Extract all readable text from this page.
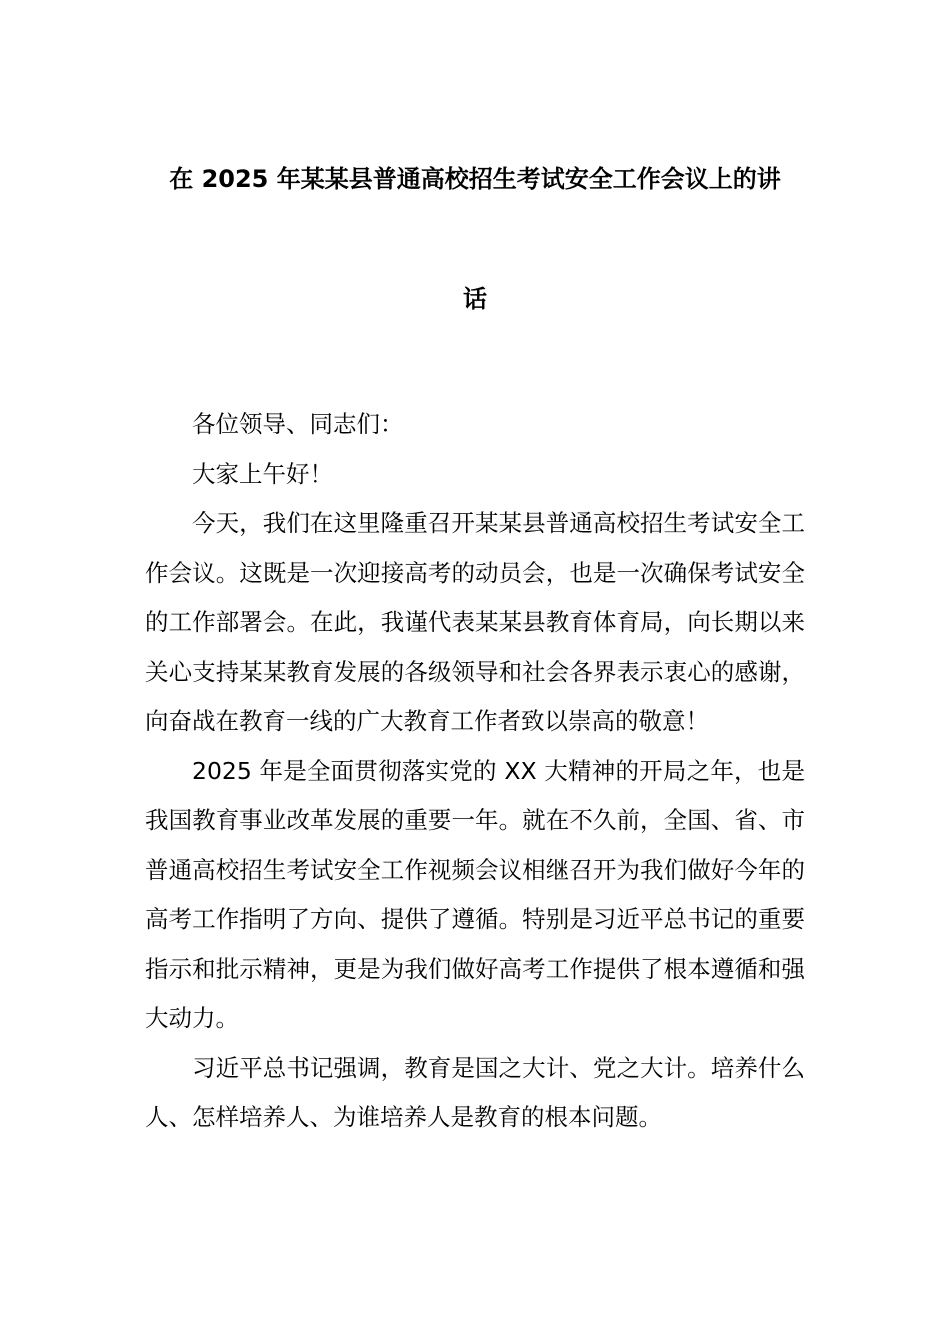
在 2025 年某某县普通高校招生考试安全工作会议上的讲
话

各位领导、同志们：

大家上午好！

今天，我们在这里隆重召开某某县普通高校招生考试安全工作会议。这既是一次迎接高考的动员会，也是一次确保考试安全的工作部署会。在此，我谨代表某某县教育体育局，向长期以来关心支持某某教育发展的各级领导和社会各界表示衷心的感谢，向奋战在教育一线的广大教育工作者致以崇高的敬意！

2025 年是全面贯彻落实党的 XX 大精神的开局之年，也是我国教育事业改革发展的重要一年。就在不久前，全国、省、市普通高校招生考试安全工作视频会议相继召开为我们做好今年的高考工作指明了方向、提供了遵循。特别是习近平总书记的重要指示和批示精神，更是为我们做好高考工作提供了根本遵循和强大动力。

习近平总书记强调，教育是国之大计、党之大计。培养什么人、怎样培养人、为谁培养人是教育的根本问题。
